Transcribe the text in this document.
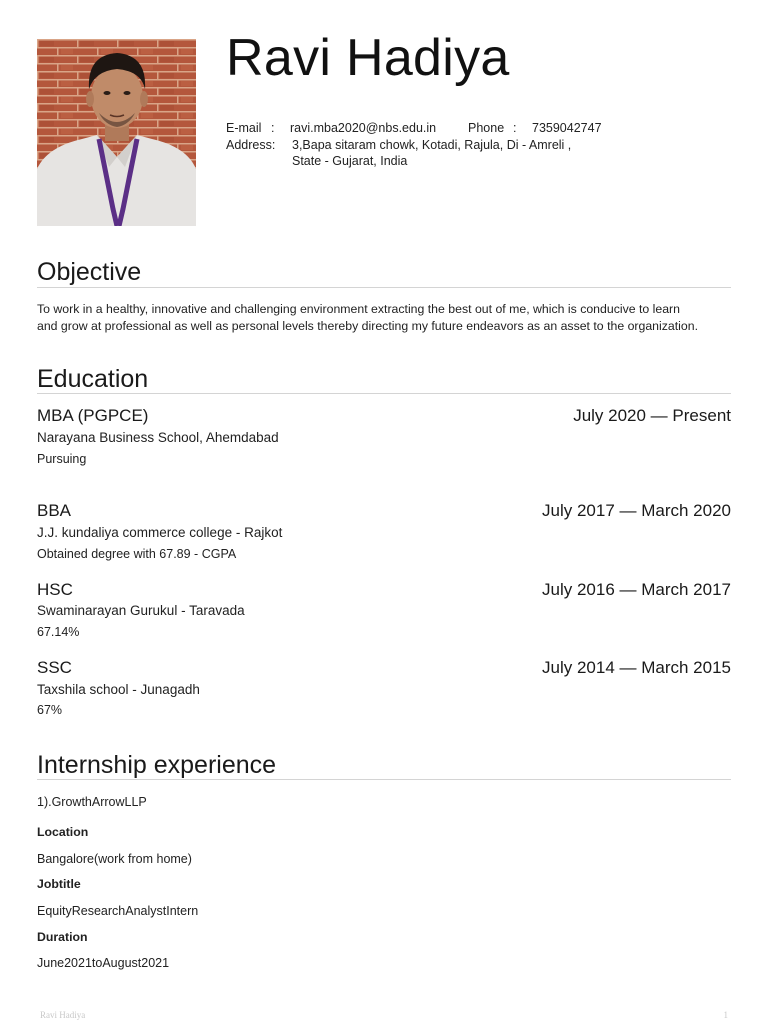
Ravi Hadiya
E-mail : ravi.mba2020@nbs.edu.in	Phone : 7359042747
Address: 3,Bapa sitaram chowk, Kotadi, Rajula, Di - Amreli ,
State - Gujarat, India
Objective
To work in a healthy, innovative and challenging environment extracting the best out of me, which is conducive to learn
and grow at professional as well as personal levels thereby directing my future endeavors as an asset to the organization.
Education
MBA (PGPCE)	July 2020 — Present
Narayana Business School, Ahemdabad
Pursuing
BBA	July 2017 — March 2020
J.J. kundaliya commerce college - Rajkot
Obtained degree with 67.89 - CGPA
HSC	July 2016 — March 2017
Swaminarayan Gurukul - Taravada
67.14%
SSC	July 2014 — March 2015
Taxshila school - Junagadh
67%
Internship experience
1).GrowthArrowLLP
Location
Bangalore(work from home)
Jobtitle
EquityResearchAnalystIntern
Duration
June2021toAugust2021
Ravi Hadiya	1
